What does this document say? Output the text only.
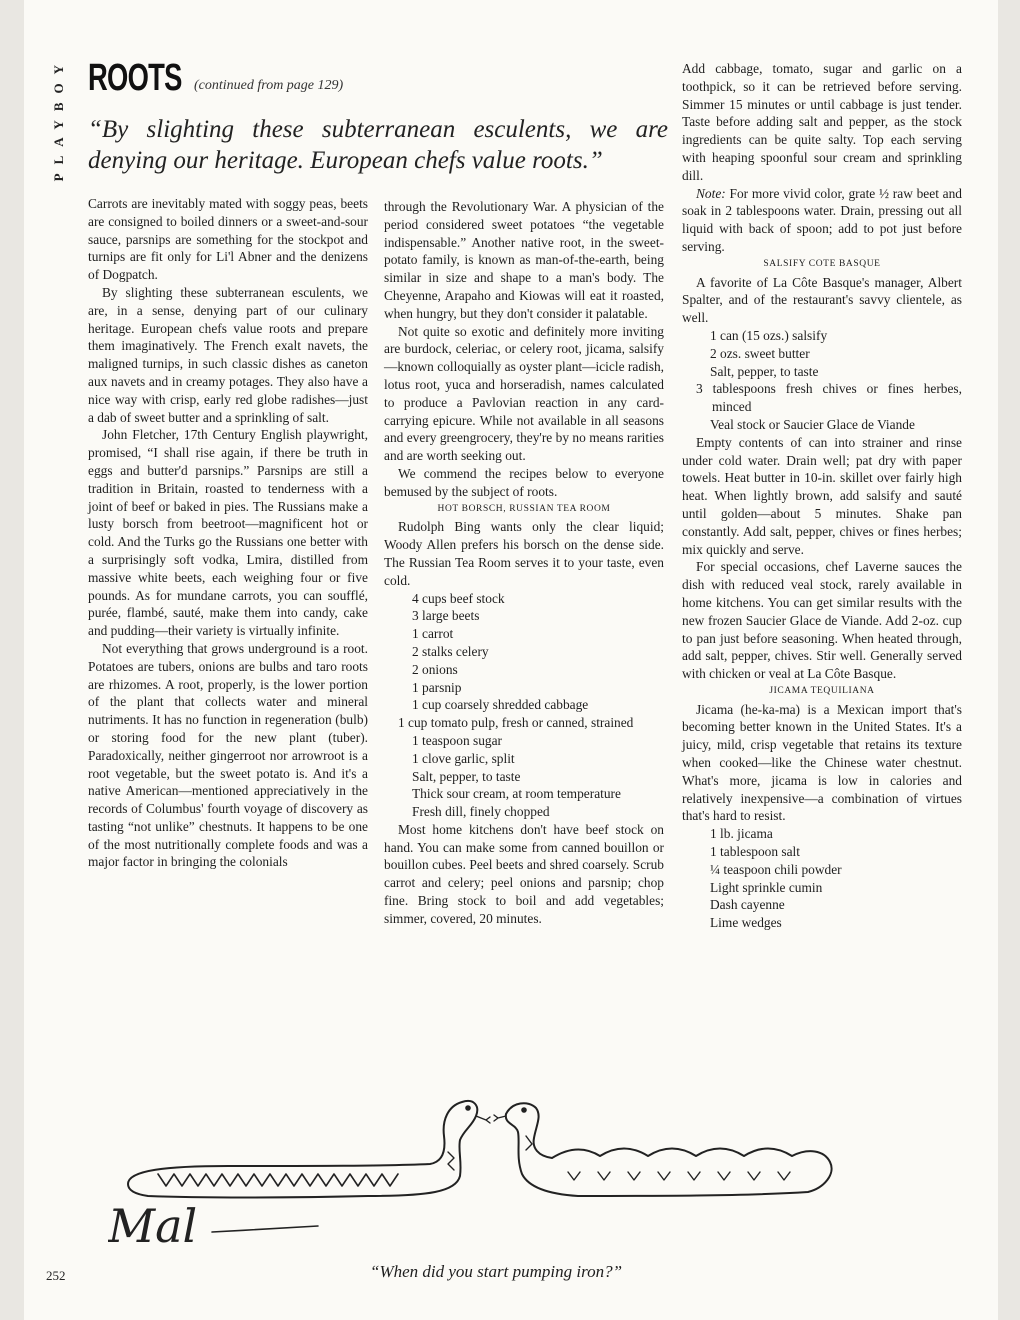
PLAYBOY ROOTS (continued from page 129)
“By slighting these subterranean esculents, we are denying our heritage. European chefs value roots.”

Carrots are inevitably mated with soggy peas, beets are consigned to boiled dinners or a sweet-and-sour sauce, parsnips are something for the stockpot and turnips are fit only for Li'l Abner and the denizens of Dogpatch.

By slighting these subterranean esculents, we are, in a sense, denying part of our culinary heritage. European chefs value roots and prepare them imaginatively. The French exalt navets, the maligned turnips, in such classic dishes as caneton aux navets and in creamy potages. They also have a nice way with crisp, early red globe radishes—just a dab of sweet butter and a sprinkling of salt.

John Fletcher, 17th Century English playwright, promised, “I shall rise again, if there be truth in eggs and butter'd parsnips.” Parsnips are still a tradition in Britain, roasted to tenderness with a joint of beef or baked in pies. The Russians make a lusty borsch from beetroot—magnificent hot or cold. And the Turks go the Russians one better with a surprisingly soft vodka, Lmira, distilled from massive white beets, each weighing four or five pounds. As for mundane carrots, you can soufflé, purée, flambé, sauté, make them into candy, cake and pudding—their variety is virtually infinite.

Not everything that grows underground is a root. Potatoes are tubers, onions are bulbs and taro roots are rhizomes. A root, properly, is the lower portion of the plant that collects water and mineral nutriments. It has no function in regeneration (bulb) or storing food for the new plant (tuber). Paradoxically, neither gingerroot nor arrowroot is a root vegetable, but the sweet potato is. And it's a native American—mentioned appreciatively in the records of Columbus' fourth voyage of discovery as tasting “not unlike” chestnuts. It happens to be one of the most nutritionally complete foods and was a major factor in bringing the colonials

through the Revolutionary War. A physician of the period considered sweet potatoes “the vegetable indispensable.” Another native root, in the sweet-potato family, is known as man-of-the-earth, being similar in size and shape to a man's body. The Cheyenne, Arapaho and Kiowas will eat it roasted, when hungry, but they don't consider it palatable.

Not quite so exotic and definitely more inviting are burdock, celeriac, or celery root, jicama, salsify—known colloquially as oyster plant—icicle radish, lotus root, yuca and horseradish, names calculated to produce a Pavlovian reaction in any card-carrying epicure. While not available in all seasons and every greengrocery, they're by no means rarities and are worth seeking out.

We commend the recipes below to everyone bemused by the subject of roots.

HOT BORSCH, RUSSIAN TEA ROOM

Rudolph Bing wants only the clear liquid; Woody Allen prefers his borsch on the dense side. The Russian Tea Room serves it to your taste, even cold.

4 cups beef stock

3 large beets

1 carrot

2 stalks celery

2 onions

1 parsnip

1 cup coarsely shredded cabbage

1 cup tomato pulp, fresh or canned, strained

1 teaspoon sugar

1 clove garlic, split

Salt, pepper, to taste

Thick sour cream, at room temperature

Fresh dill, finely chopped

Most home kitchens don't have beef stock on hand. You can make some from canned bouillon or bouillon cubes. Peel beets and shred coarsely. Scrub carrot and celery; peel onions and parsnip; chop fine. Bring stock to boil and add vegetables; simmer, covered, 20 minutes.

Add cabbage, tomato, sugar and garlic on a toothpick, so it can be retrieved before serving. Simmer 15 minutes or until cabbage is just tender. Taste before adding salt and pepper, as the stock ingredients can be quite salty. Top each serving with heaping spoonful sour cream and sprinkling dill.

Note: For more vivid color, grate ½ raw beet and soak in 2 tablespoons water. Drain, pressing out all liquid with back of spoon; add to pot just before serving.

SALSIFY COTE BASQUE

A favorite of La Côte Basque's manager, Albert Spalter, and of the restaurant's savvy clientele, as well.

1 can (15 ozs.) salsify

2 ozs. sweet butter

Salt, pepper, to taste

3 tablespoons fresh chives or fines herbes, minced

Veal stock or Saucier Glace de Viande

Empty contents of can into strainer and rinse under cold water. Drain well; pat dry with paper towels. Heat butter in 10-in. skillet over fairly high heat. When lightly brown, add salsify and sauté until golden—about 5 minutes. Shake pan constantly. Add salt, pepper, chives or fines herbes; mix quickly and serve.

For special occasions, chef Laverne sauces the dish with reduced veal stock, rarely available in home kitchens. You can get similar results with the new frozen Saucier Glace de Viande. Add 2-oz. cup to pan just before seasoning. When heated through, add salt, pepper, chives. Stir well. Generally served with chicken or veal at La Côte Basque.

JICAMA TEQUILIANA

Jicama (he-ka-ma) is a Mexican import that's becoming better known in the United States. It's a juicy, mild, crisp vegetable that retains its texture when cooked—like the Chinese water chestnut. What's more, jicama is low in calories and relatively inexpensive—a combination of virtues that's hard to resist.

1 lb. jicama

1 tablespoon salt

¼ teaspoon chili powder

Light sprinkle cumin

Dash cayenne

Lime wedges

Mal
“When did you start pumping iron?”
252
